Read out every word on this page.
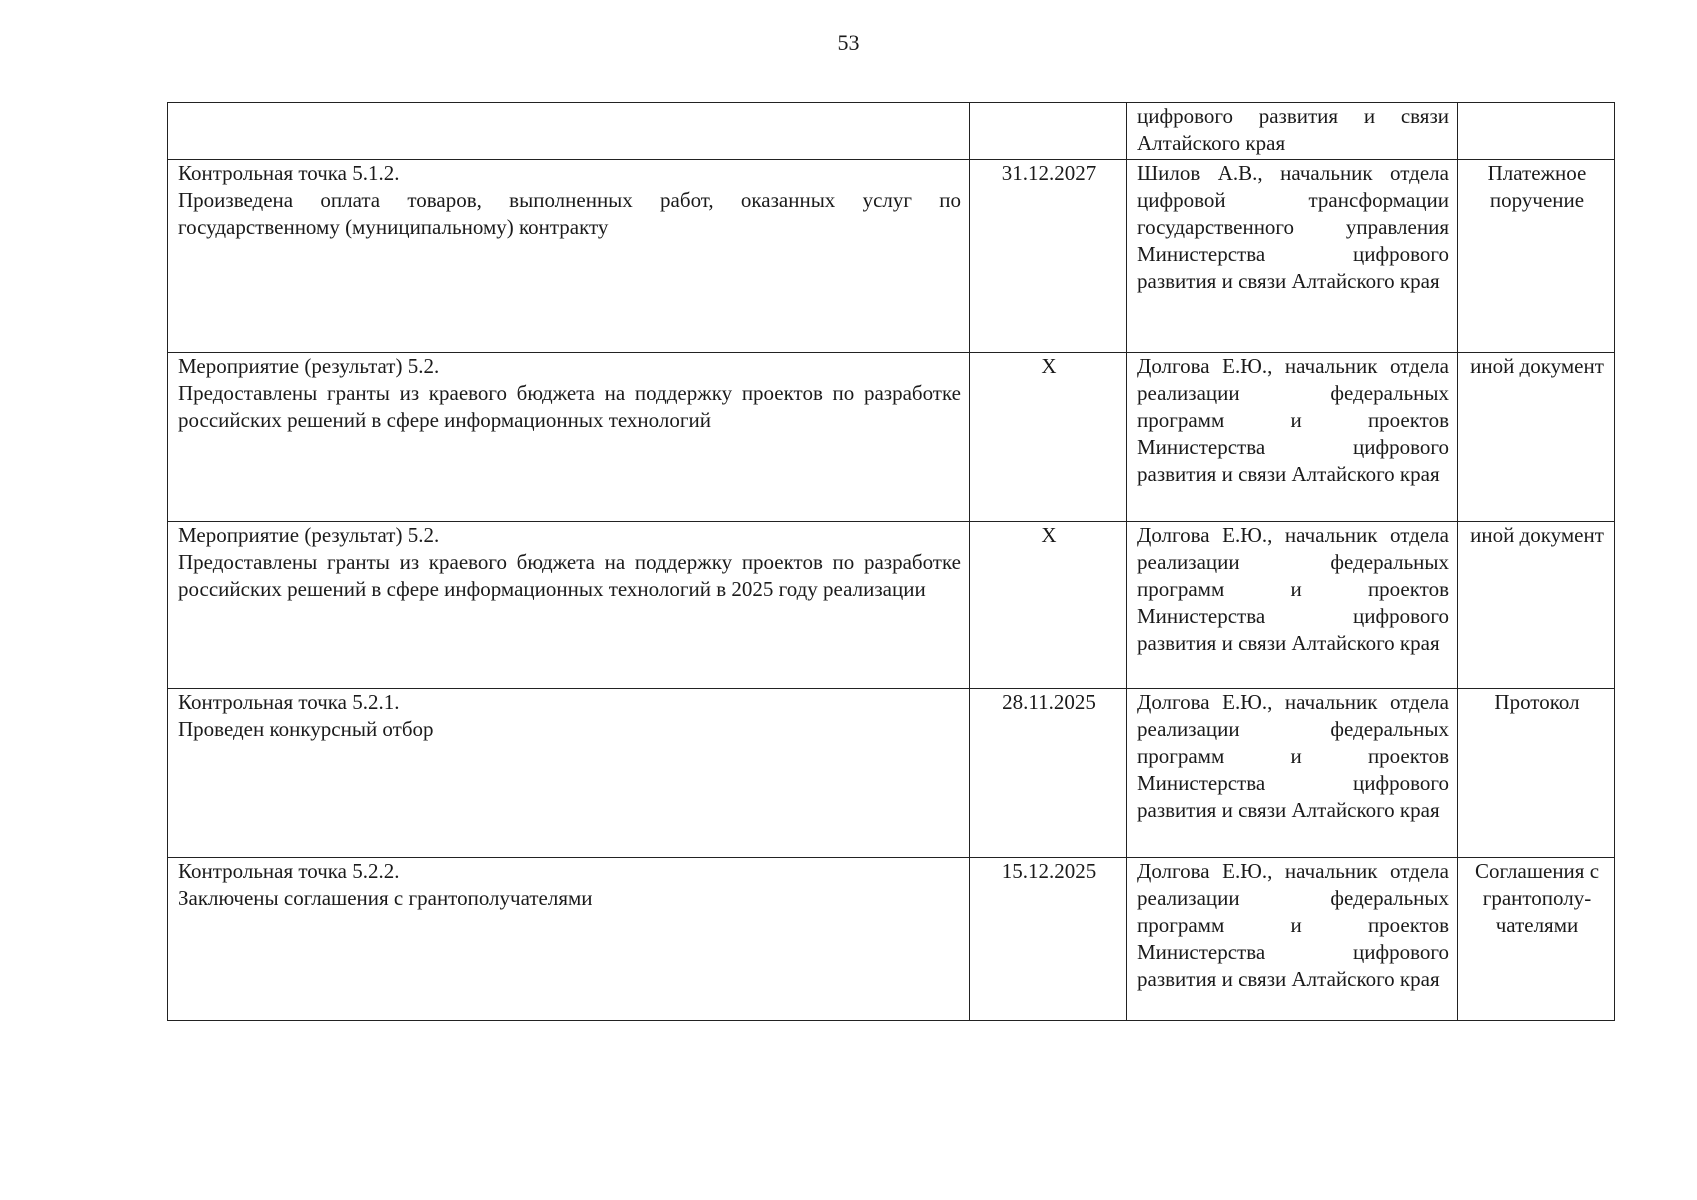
53
		цифрового развития и связи Алтайского края	

Контрольная точка 5.1.2.
Произведена оплата товаров, выполненных работ, оказанных услуг по государственному (муниципальному) контракту	31.12.2027	Шилов А.В., начальник отдела цифровой трансформации государственного управления Министерства цифрового развития и связи Алтайского края	Платежное поручение

Мероприятие (результат) 5.2.
Предоставлены гранты из краевого бюджета на поддержку проектов по разработке российских решений в сфере информационных технологий	Х	Долгова Е.Ю., начальник отдела реализации федеральных программ и проектов Министерства цифрового развития и связи Алтайского края	иной документ

Мероприятие (результат) 5.2.
Предоставлены гранты из краевого бюджета на поддержку проектов по разработке российских решений в сфере информационных технологий в 2025 году реализации	Х	Долгова Е.Ю., начальник отдела реализации федеральных программ и проектов Министерства цифрового развития и связи Алтайского края	иной документ

Контрольная точка 5.2.1.
Проведен конкурсный отбор	28.11.2025	Долгова Е.Ю., начальник отдела реализации федеральных программ и проектов Министерства цифрового развития и связи Алтайского края	Протокол

Контрольная точка 5.2.2.
Заключены соглашения с грантополучателями	15.12.2025	Долгова Е.Ю., начальник отдела реализации федеральных программ и проектов Министерства цифрового развития и связи Алтайского края	Соглашения с грантополу-чателями
